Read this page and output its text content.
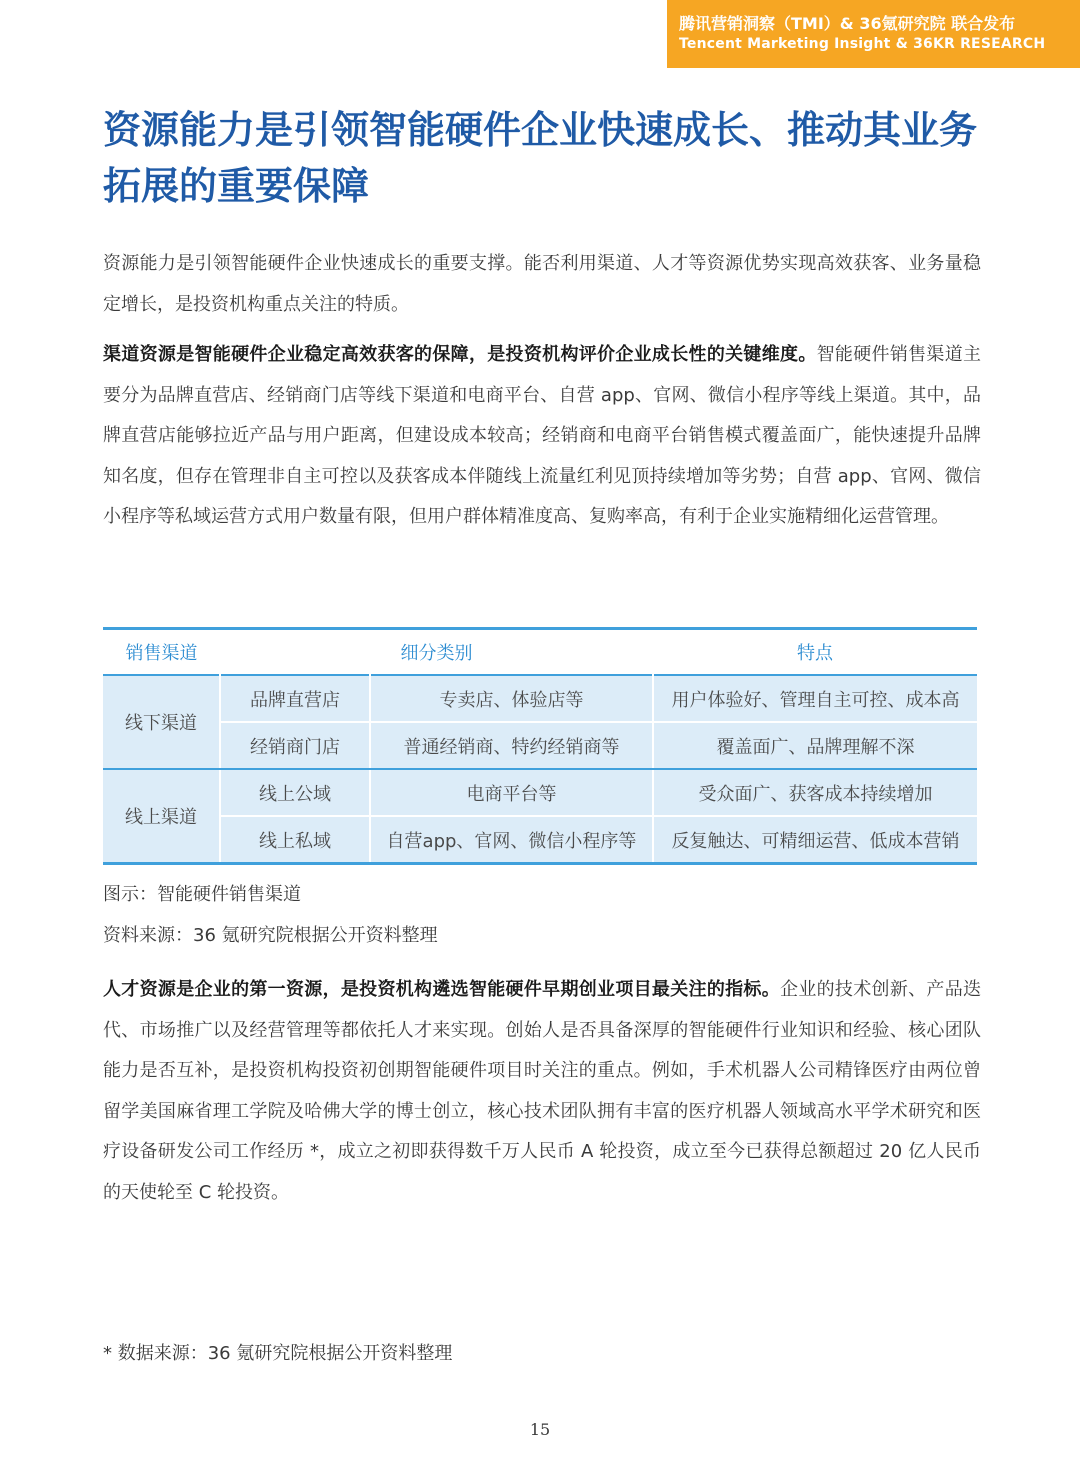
腾讯营销洞察（TMI）& 36氪研究院 联合发布
Tencent Marketing Insight & 36KR RESEARCH
资源能力是引领智能硬件企业快速成长、推动其业务拓展的重要保障

资源能力是引领智能硬件企业快速成长的重要支撑。能否利用渠道、人才等资源优势实现高效获客、业务量稳定增长，是投资机构重点关注的特质。

渠道资源是智能硬件企业稳定高效获客的保障，是投资机构评价企业成长性的关键维度。智能硬件销售渠道主要分为品牌直营店、经销商门店等线下渠道和电商平台、自营 app、官网、微信小程序等线上渠道。其中，品牌直营店能够拉近产品与用户距离，但建设成本较高；经销商和电商平台销售模式覆盖面广，能快速提升品牌知名度，但存在管理非自主可控以及获客成本伴随线上流量红利见顶持续增加等劣势；自营 app、官网、微信小程序等私域运营方式用户数量有限，但用户群体精准度高、复购率高，有利于企业实施精细化运营管理。

销售渠道	细分类别		特点
线下渠道	品牌直营店	专卖店、体验店等	用户体验好、管理自主可控、成本高
	经销商门店	普通经销商、特约经销商等	覆盖面广、品牌理解不深
线上渠道	线上公域	电商平台等	受众面广、获客成本持续增加
	线上私域	自营app、官网、微信小程序等	反复触达、可精细运营、低成本营销
图示：智能硬件销售渠道
资料来源：36 氪研究院根据公开资料整理

人才资源是企业的第一资源，是投资机构遴选智能硬件早期创业项目最关注的指标。企业的技术创新、产品迭代、市场推广以及经营管理等都依托人才来实现。创始人是否具备深厚的智能硬件行业知识和经验、核心团队能力是否互补，是投资机构投资初创期智能硬件项目时关注的重点。例如，手术机器人公司精锋医疗由两位曾留学美国麻省理工学院及哈佛大学的博士创立，核心技术团队拥有丰富的医疗机器人领域高水平学术研究和医疗设备研发公司工作经历 *，成立之初即获得数千万人民币 A 轮投资，成立至今已获得总额超过 20 亿人民币的天使轮至 C 轮投资。

* 数据来源：36 氪研究院根据公开资料整理
15
